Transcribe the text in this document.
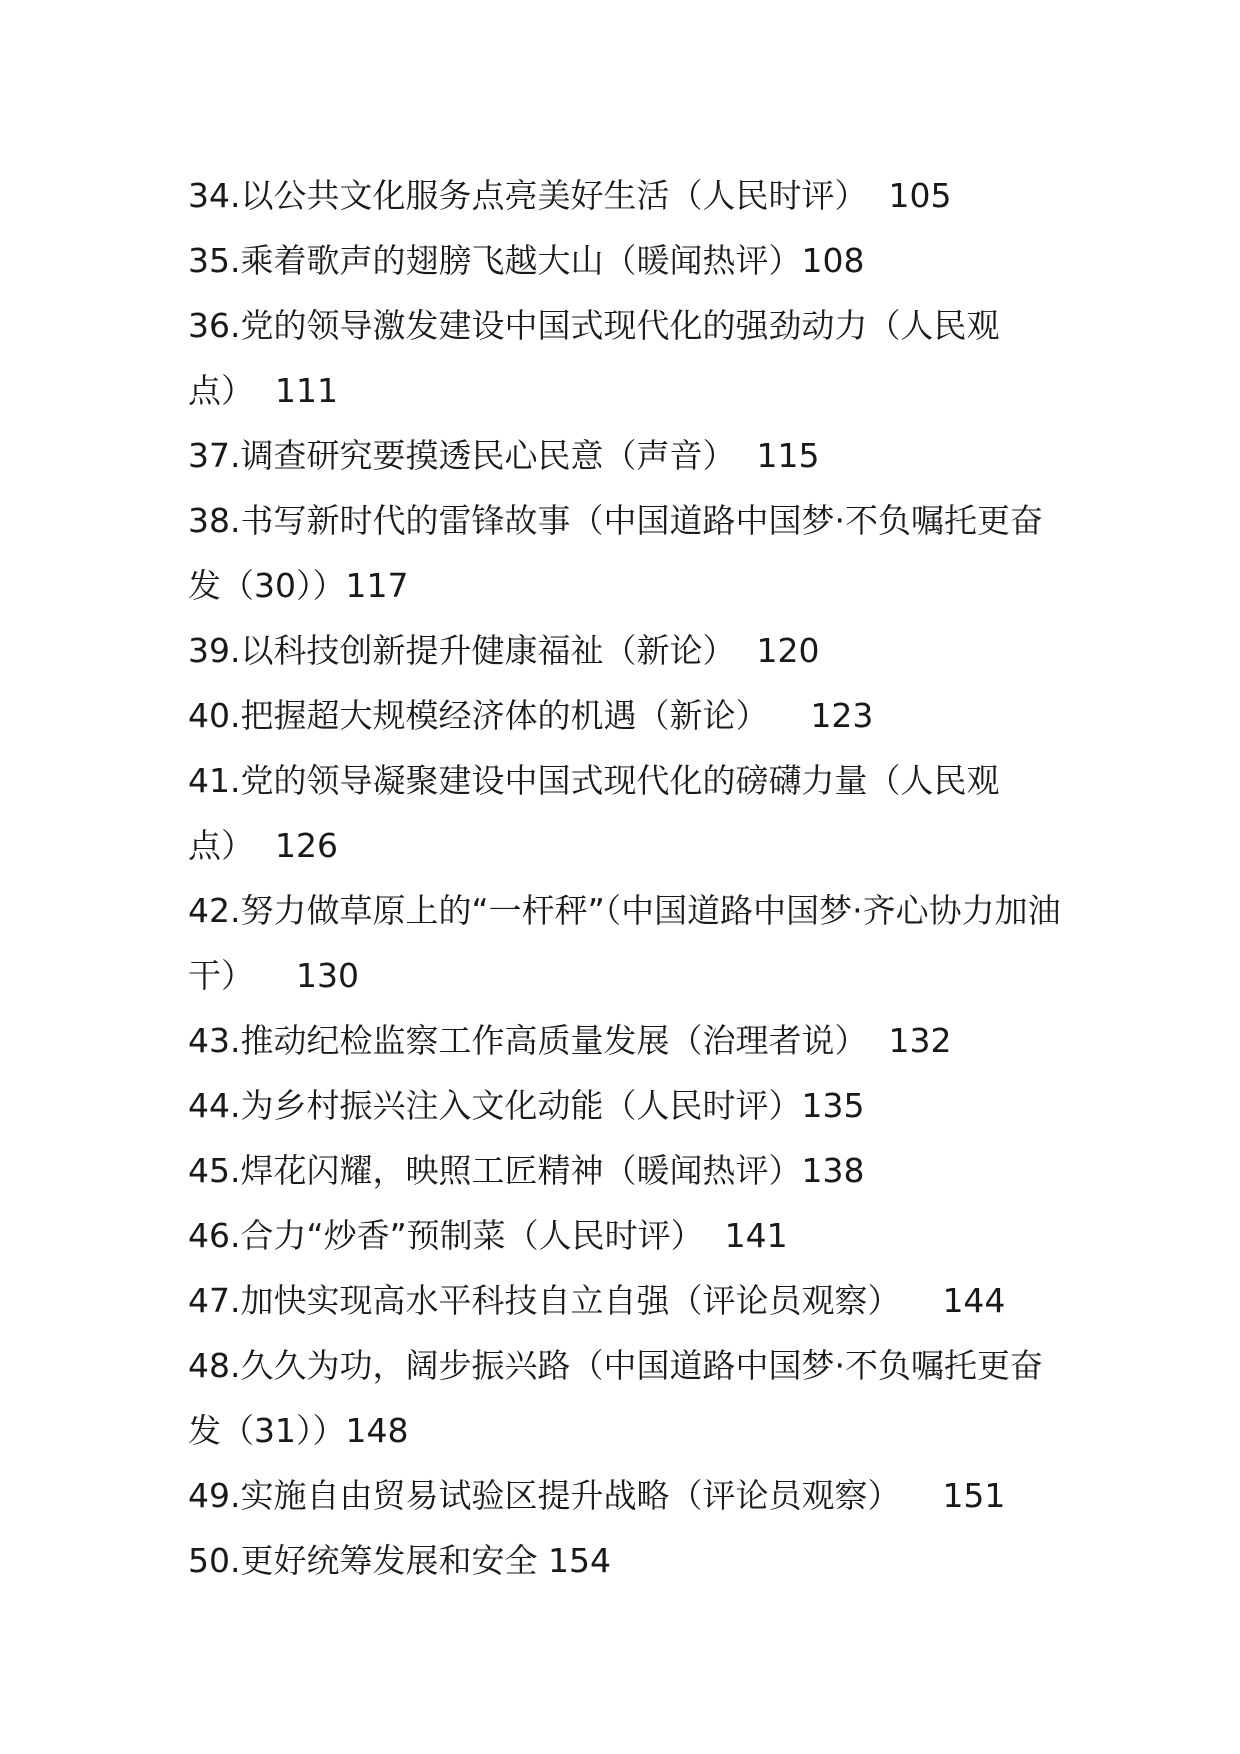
34.以公共文化服务点亮美好生活（人民时评）  105

35.乘着歌声的翅膀飞越大山（暖闻热评）108

36.党的领导激发建设中国式现代化的强劲动力（人民观点）  111

37.调查研究要摸透民心民意（声音）  115

38.书写新时代的雷锋故事（中国道路中国梦·不负嘱托更奋发（30））117

39.以科技创新提升健康福祉（新论）  120

40.把握超大规模经济体的机遇（新论）    123

41.党的领导凝聚建设中国式现代化的磅礴力量（人民观点）  126

42.努力做草原上的“一杆秤”（中国道路中国梦·齐心协力加油干）    130

43.推动纪检监察工作高质量发展（治理者说）  132

44.为乡村振兴注入文化动能（人民时评）135

45.焊花闪耀，映照工匠精神（暖闻热评）138

46.合力“炒香”预制菜（人民时评）  141

47.加快实现高水平科技自立自强（评论员观察）    144

48.久久为功，阔步振兴路（中国道路中国梦·不负嘱托更奋发（31））148

49.实施自由贸易试验区提升战略（评论员观察）    151

50.更好统筹发展和安全 154
